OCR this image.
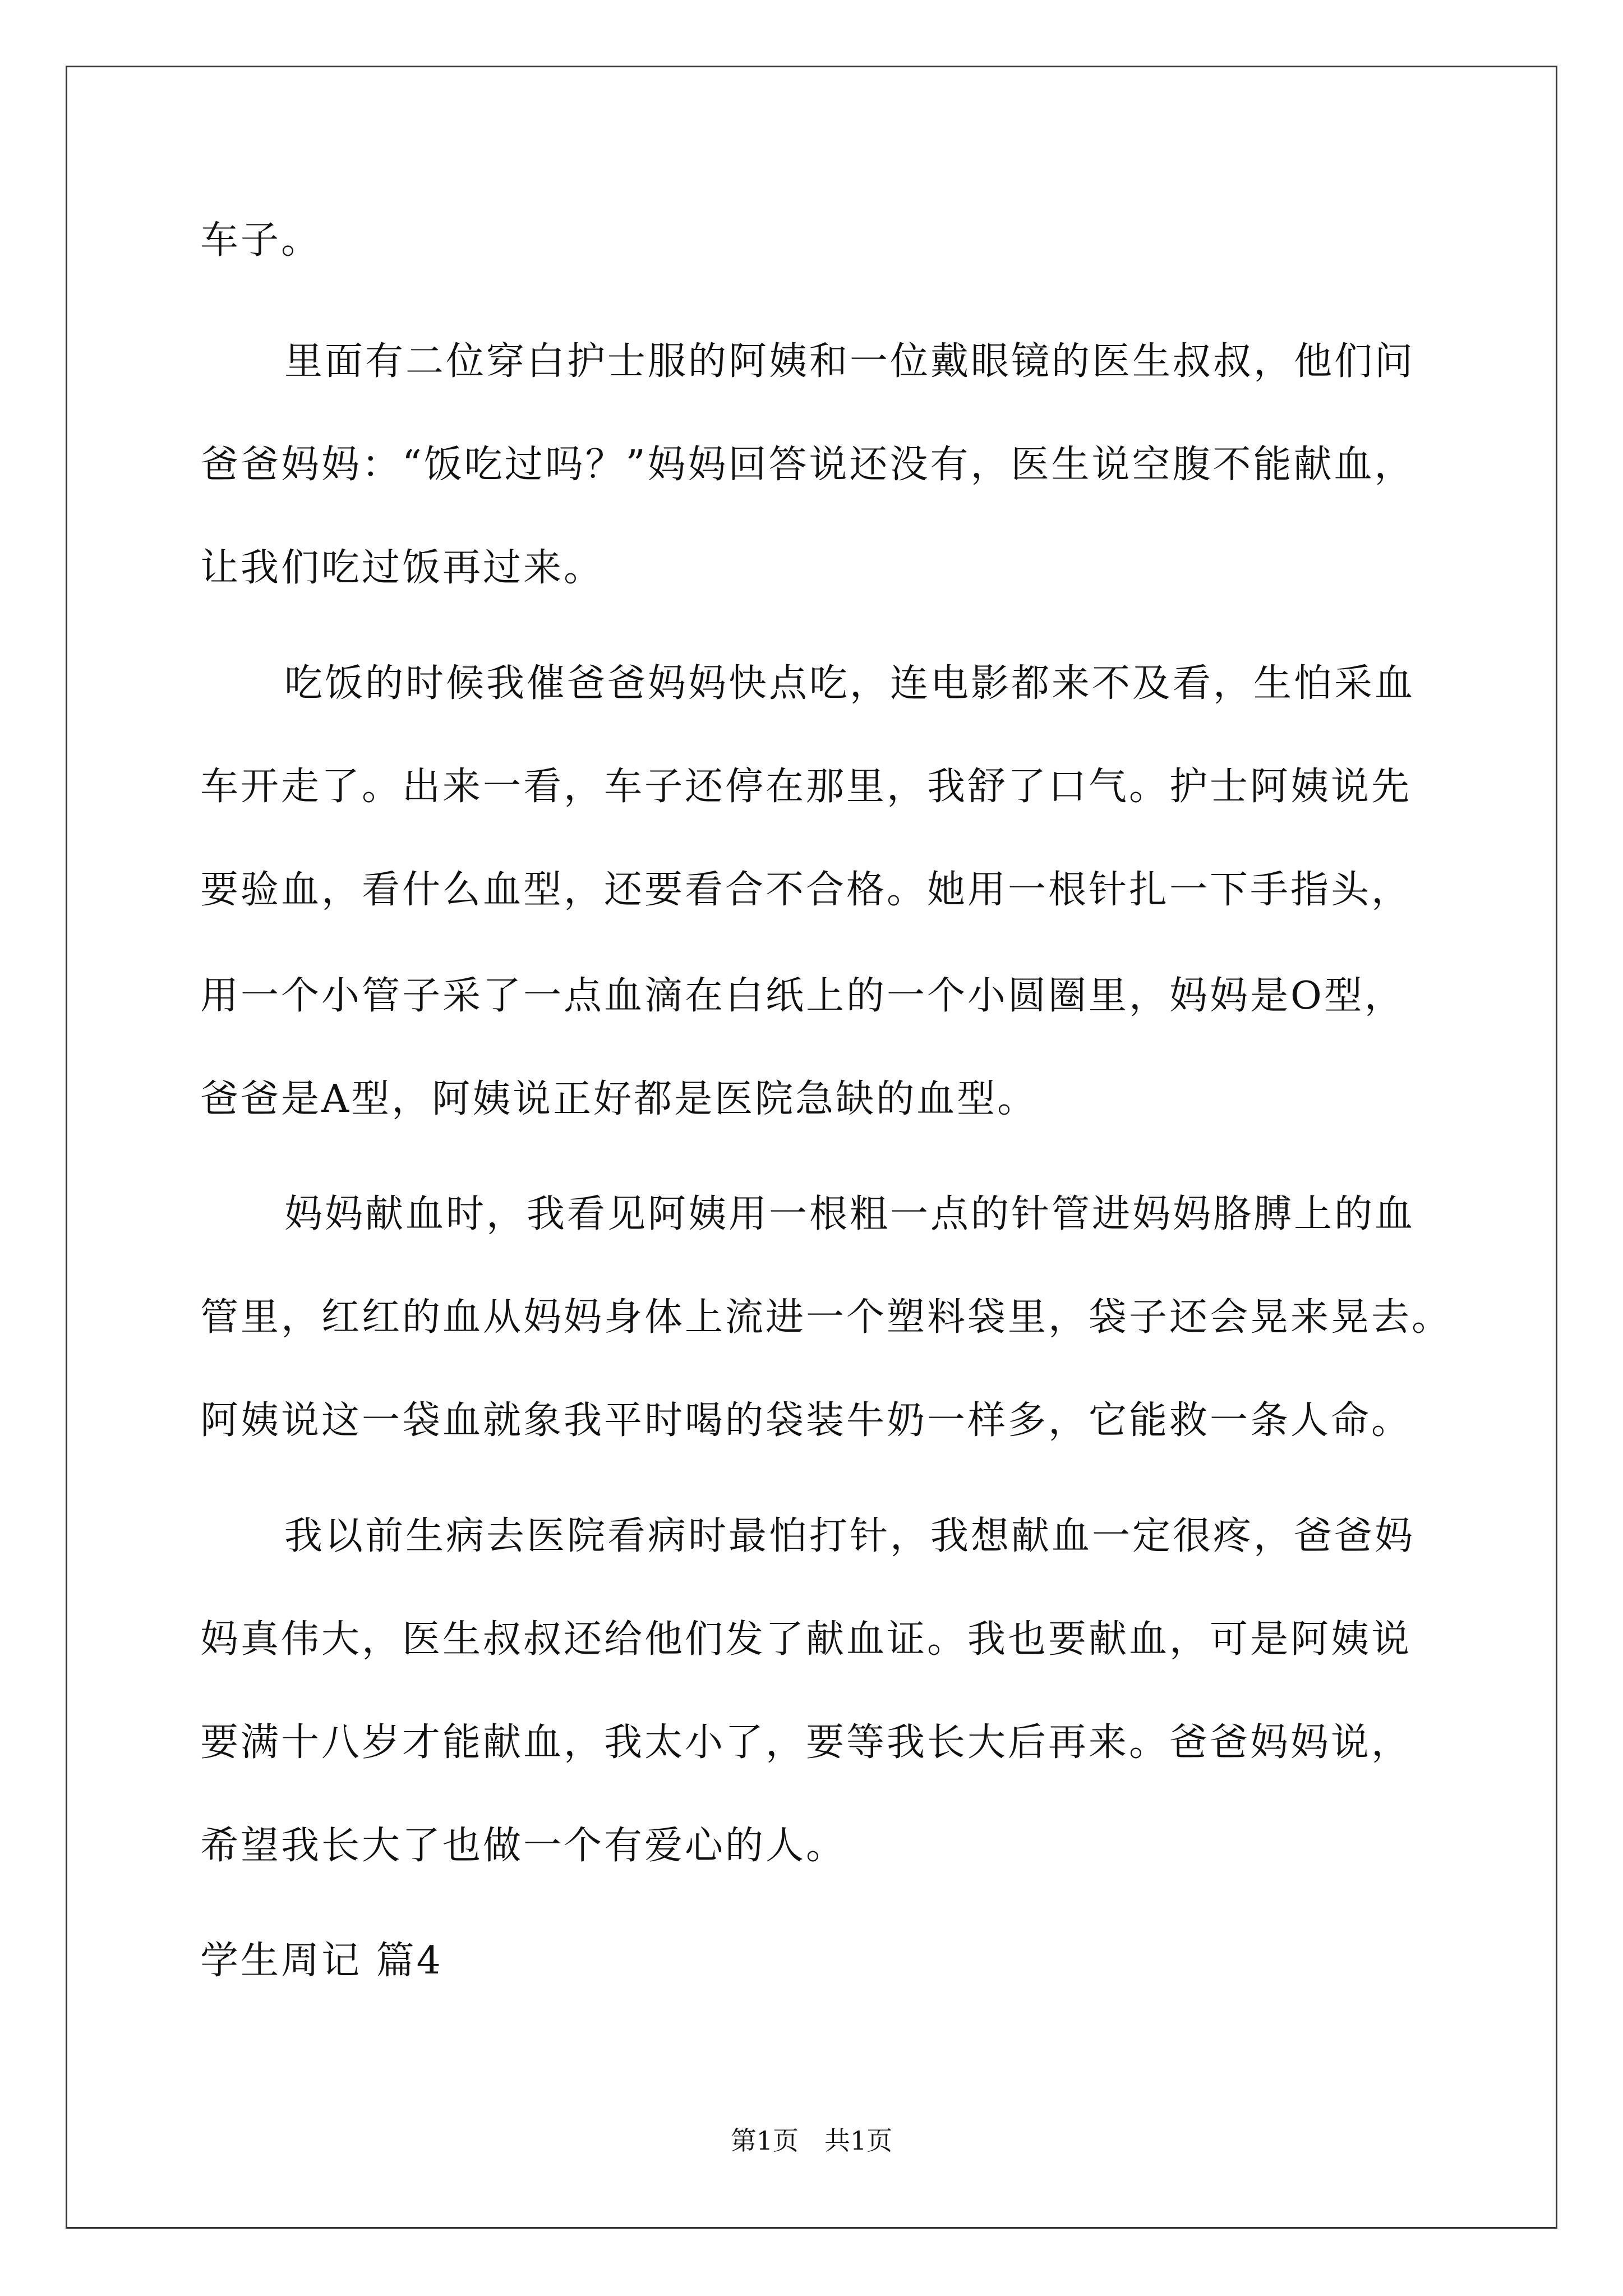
车子。
里面有二位穿白护士服的阿姨和一位戴眼镜的医生叔叔，他们问
爸爸妈妈：“饭吃过吗？”妈妈回答说还没有，医生说空腹不能献血，
让我们吃过饭再过来。
吃饭的时候我催爸爸妈妈快点吃，连电影都来不及看，生怕采血
车开走了。出来一看，车子还停在那里，我舒了口气。护士阿姨说先
要验血，看什么血型，还要看合不合格。她用一根针扎一下手指头，
用一个小管子采了一点血滴在白纸上的一个小圆圈里，妈妈是O型，
爸爸是A型，阿姨说正好都是医院急缺的血型。
妈妈献血时，我看见阿姨用一根粗一点的针管进妈妈胳膊上的血
管里，红红的血从妈妈身体上流进一个塑料袋里，袋子还会晃来晃去。
阿姨说这一袋血就象我平时喝的袋装牛奶一样多，它能救一条人命。
我以前生病去医院看病时最怕打针，我想献血一定很疼，爸爸妈
妈真伟大，医生叔叔还给他们发了献血证。我也要献血，可是阿姨说
要满十八岁才能献血，我太小了，要等我长大后再来。爸爸妈妈说，
希望我长大了也做一个有爱心的人。
学生周记 篇4
第1页　共1页
